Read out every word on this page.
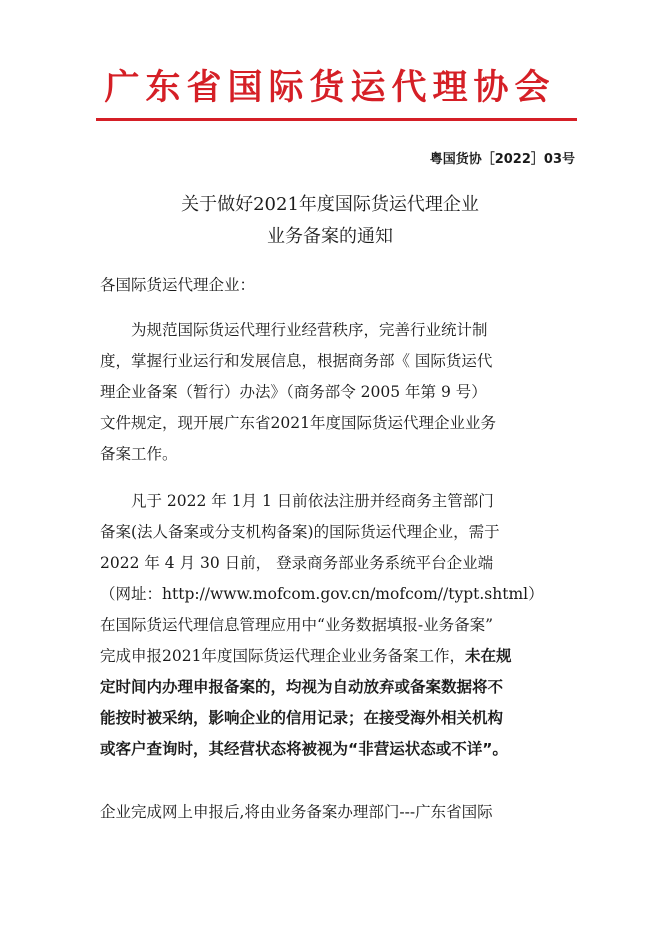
广东省国际货运代理协会
粤国货协［2022］03号
关于做好2021年度国际货运代理企业
业务备案的通知
各国际货运代理企业：
为规范国际货运代理行业经营秩序，完善行业统计制
度，掌握行业运行和发展信息，根据商务部《 国际货运代
理企业备案（暂行）办法》（商务部令 2005 年第 9 号）
文件规定，现开展广东省2021年度国际货运代理企业业务
备案工作。
凡于 2022 年 1月 1 日前依法注册并经商务主管部门
备案(法人备案或分支机构备案)的国际货运代理企业，需于
2022 年 4 月 30 日前， 登录商务部业务系统平台企业端
（网址：http://www.mofcom.gov.cn/mofcom//typt.shtml）
在国际货运代理信息管理应用中“业务数据填报-业务备案”
完成申报2021年度国际货运代理企业业务备案工作，未在规
定时间内办理申报备案的，均视为自动放弃或备案数据将不
能按时被采纳，影响企业的信用记录；在接受海外相关机构
或客户查询时，其经营状态将被视为“非营运状态或不详”。
企业完成网上申报后,将由业务备案办理部门---广东省国际
